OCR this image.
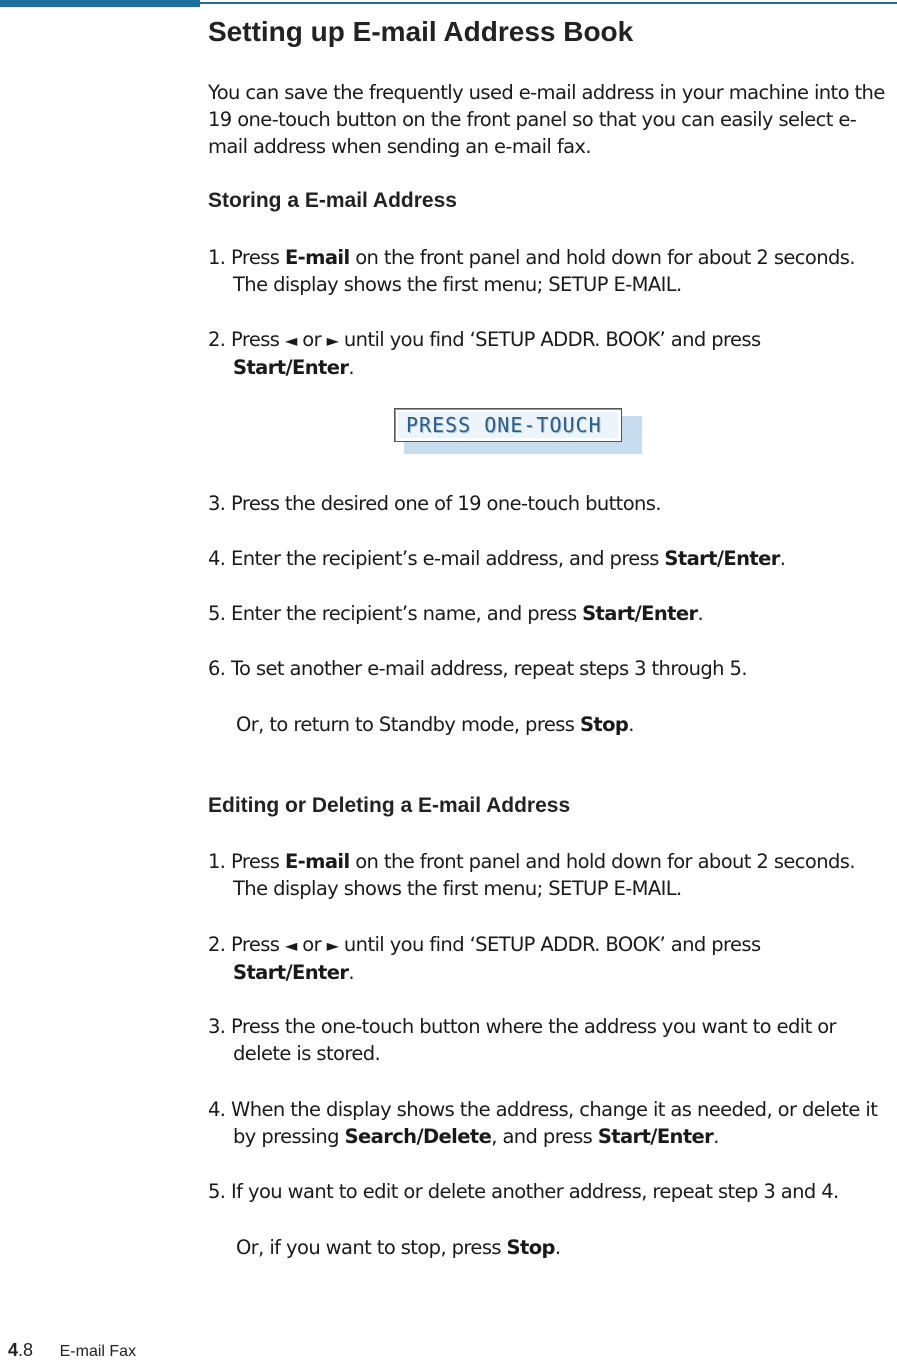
Setting up E-mail Address Book

You can save the frequently used e-mail address in your machine into the 19 one-touch button on the front panel so that you can easily select e-mail address when sending an e-mail fax.

Storing a E-mail Address
1. Press E-mail on the front panel and hold down for about 2 seconds.
The display shows the first menu; SETUP E-MAIL.
2. Press ◄ or ► until you find ‘SETUP ADDR. BOOK’ and press
Start/Enter.
PRESS ONE-TOUCH
3. Press the desired one of 19 one-touch buttons.
4. Enter the recipient’s e-mail address, and press Start/Enter.
5. Enter the recipient’s name, and press Start/Enter.
6. To set another e-mail address, repeat steps 3 through 5.
Or, to return to Standby mode, press Stop.
Editing or Deleting a E-mail Address
1. Press E-mail on the front panel and hold down for about 2 seconds.
The display shows the first menu; SETUP E-MAIL.
2. Press ◄ or ► until you find ‘SETUP ADDR. BOOK’ and press
Start/Enter.
3. Press the one-touch button where the address you want to edit or
delete is stored.
4. When the display shows the address, change it as needed, or delete it
by pressing Search/Delete, and press Start/Enter.
5. If you want to edit or delete another address, repeat step 3 and 4.
Or, if you want to stop, press Stop.
4.8 E-mail Fax
